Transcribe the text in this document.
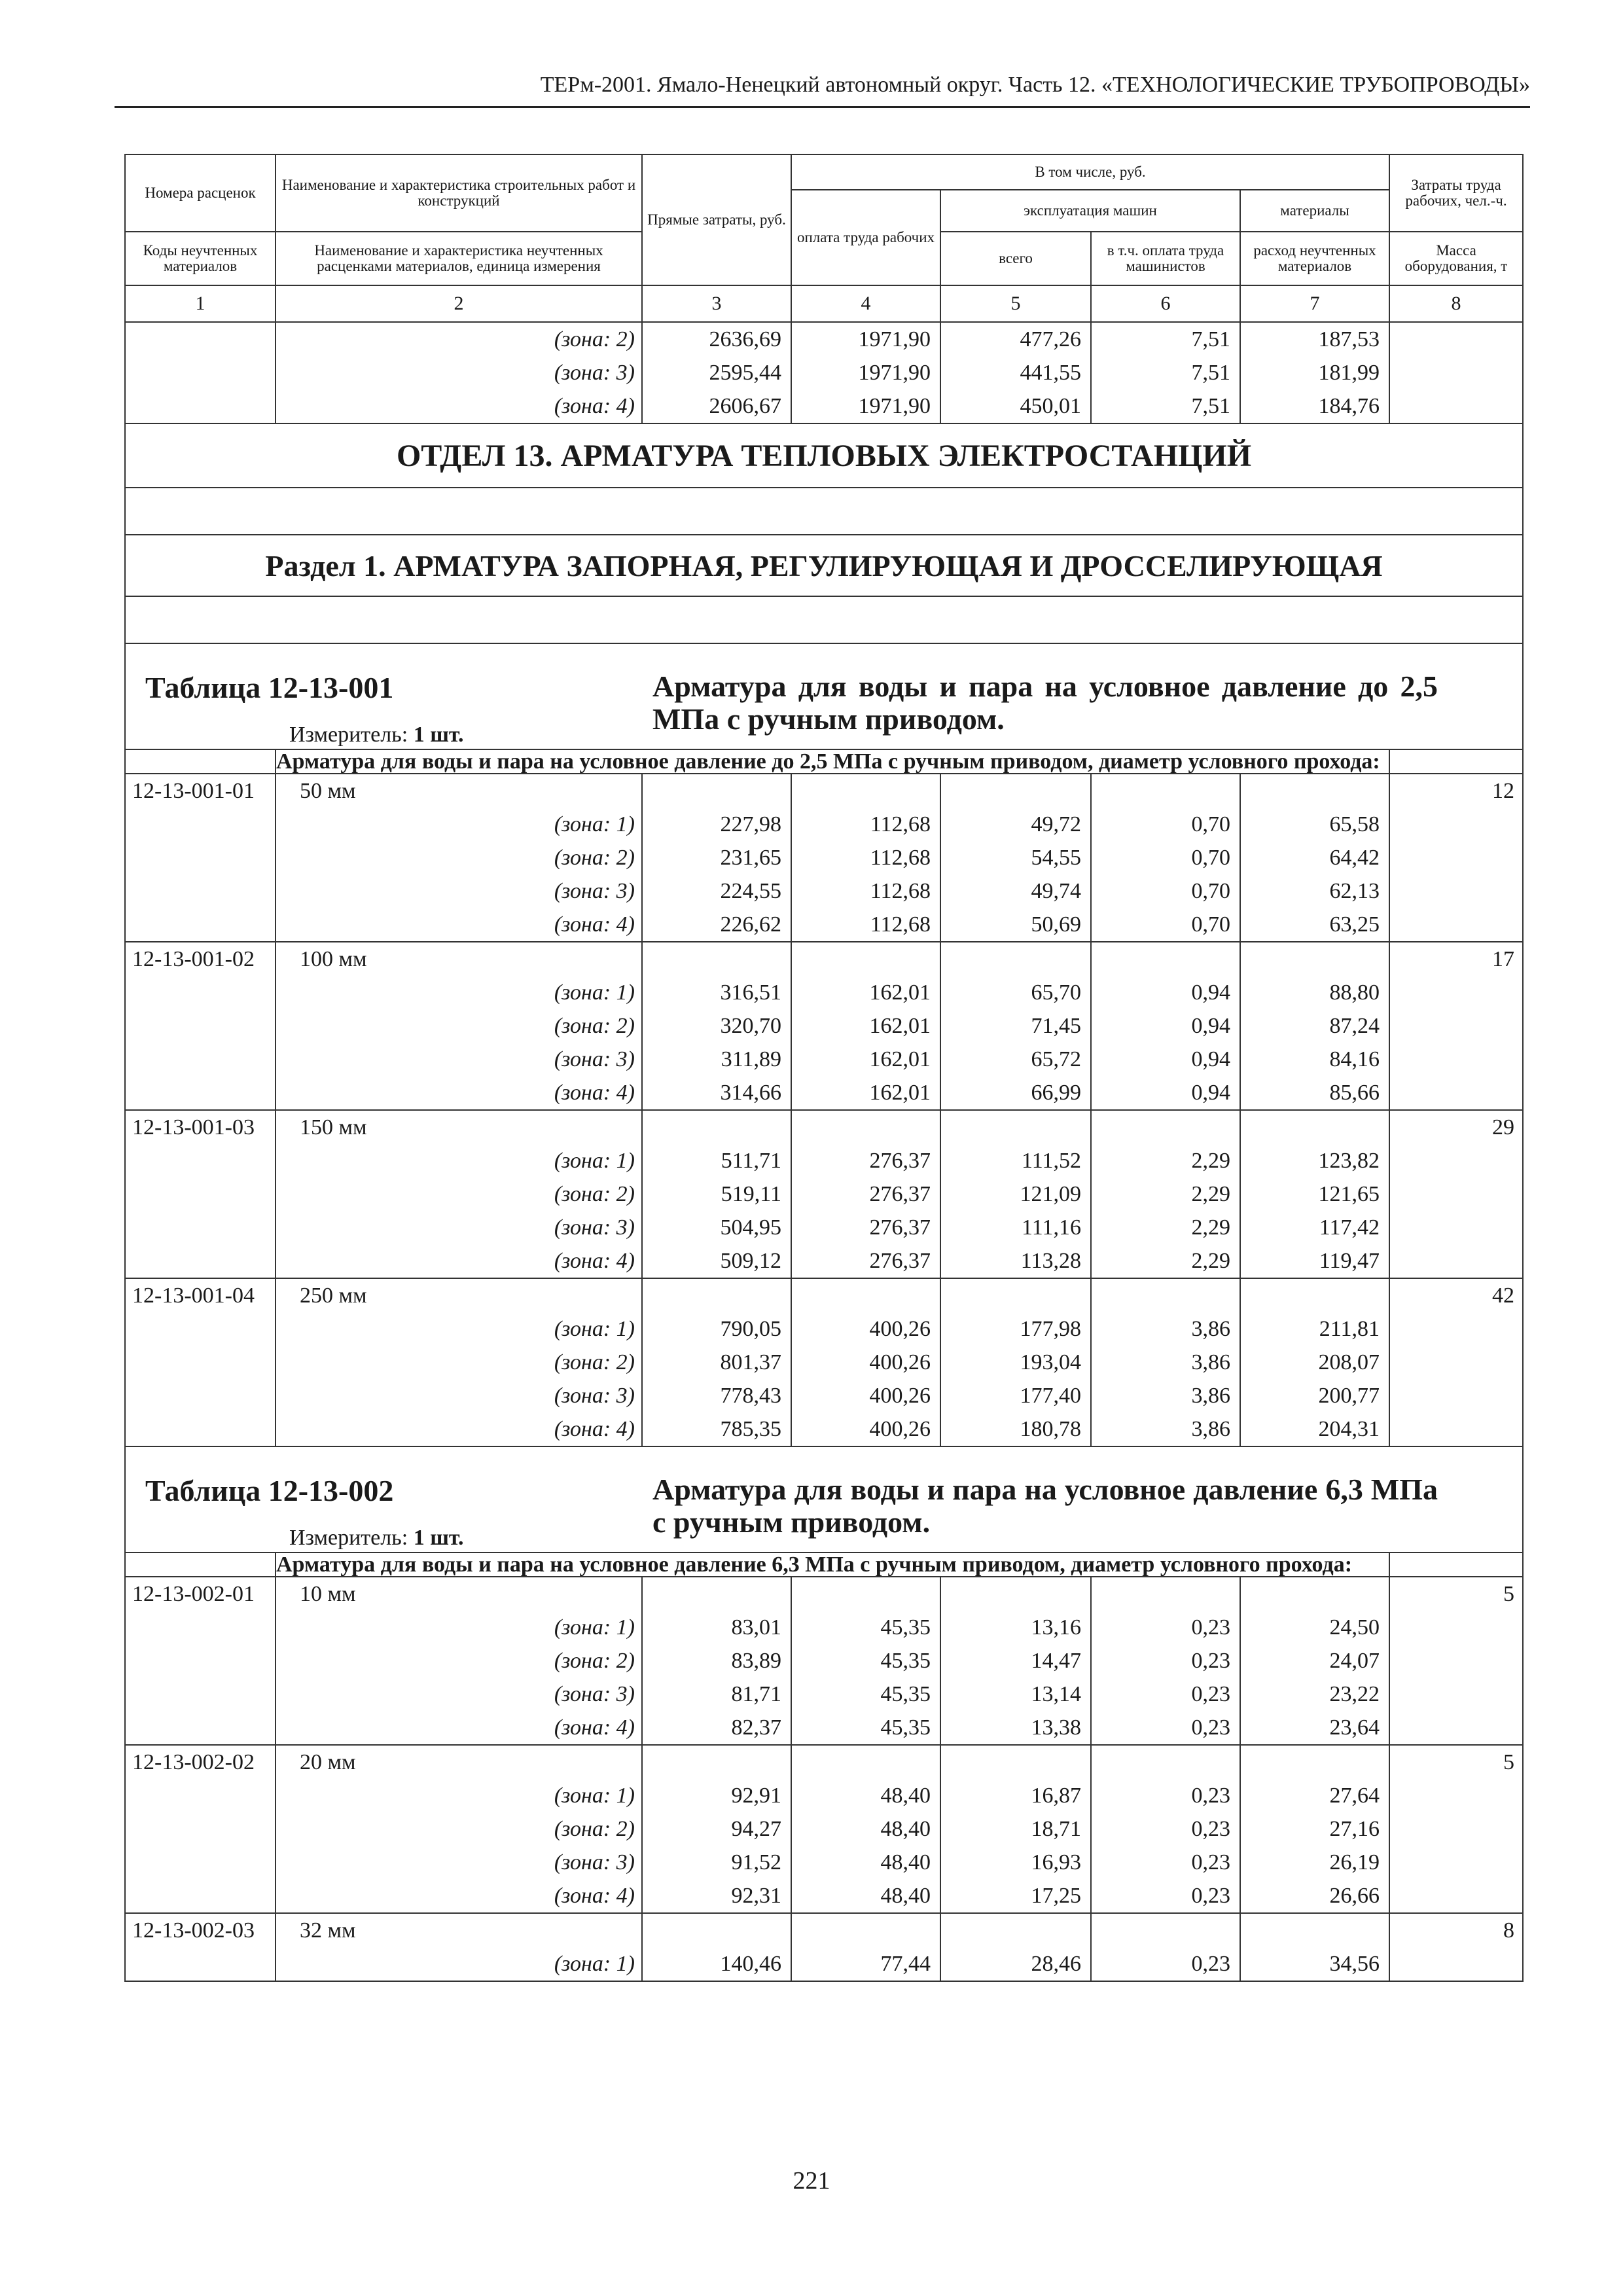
ТЕРм-2001. Ямало-Ненецкий автономный округ. Часть 12. «ТЕХНОЛОГИЧЕСКИЕ ТРУБОПРОВОДЫ»
Номера расценок	Наименование и характеристика строительных работ и конструкций	Прямые затраты, руб.	В том числе, руб.				Затраты труда рабочих, чел.-ч.
			оплата труда рабочих	эксплуатация машин		материалы	
Коды неучтенных материалов	Наименование и характеристика неучтенных расценками материалов, единица измерения			всего	в т.ч. оплата труда машинистов	расход неучтенных материалов	Масса оборудования, т
1	2	3	4	5	6	7	8
	(зона: 2)	2636,69	1971,90	477,26	7,51	187,53	
	(зона: 3)	2595,44	1971,90	441,55	7,51	181,99	
	(зона: 4)	2606,67	1971,90	450,01	7,51	184,76	
ОТДЕЛ 13. АРМАТУРА ТЕПЛОВЫХ ЭЛЕКТРОСТАНЦИЙ							

Раздел 1. АРМАТУРА ЗАПОРНАЯ, РЕГУЛИРУЮЩАЯ И ДРОССЕЛИРУЮЩАЯ							

Таблица 12-13-001 Арматура для воды и пара на условное давление до 2,5 МПа с ручным приводом.
Измеритель: 1 шт.							

	Арматура для воды и пара на условное давление до 2,5 МПа с ручным приводом, диаметр условного прохода:						
12-13-001-01	50 мм						12
	(зона: 1)	227,98	112,68	49,72	0,70	65,58	
	(зона: 2)	231,65	112,68	54,55	0,70	64,42	
	(зона: 3)	224,55	112,68	49,74	0,70	62,13	
	(зона: 4)	226,62	112,68	50,69	0,70	63,25	
12-13-001-02	100 мм						17
	(зона: 1)	316,51	162,01	65,70	0,94	88,80	
	(зона: 2)	320,70	162,01	71,45	0,94	87,24	
	(зона: 3)	311,89	162,01	65,72	0,94	84,16	
	(зона: 4)	314,66	162,01	66,99	0,94	85,66	
12-13-001-03	150 мм						29
	(зона: 1)	511,71	276,37	111,52	2,29	123,82	
	(зона: 2)	519,11	276,37	121,09	2,29	121,65	
	(зона: 3)	504,95	276,37	111,16	2,29	117,42	
	(зона: 4)	509,12	276,37	113,28	2,29	119,47	
12-13-001-04	250 мм						42
	(зона: 1)	790,05	400,26	177,98	3,86	211,81	
	(зона: 2)	801,37	400,26	193,04	3,86	208,07	
	(зона: 3)	778,43	400,26	177,40	3,86	200,77	
	(зона: 4)	785,35	400,26	180,78	3,86	204,31	

Таблица 12-13-002 Арматура для воды и пара на условное давление 6,3 МПа с ручным приводом.
Измеритель: 1 шт.							

	Арматура для воды и пара на условное давление 6,3 МПа с ручным приводом, диаметр условного прохода:						
12-13-002-01	10 мм						5
	(зона: 1)	83,01	45,35	13,16	0,23	24,50	
	(зона: 2)	83,89	45,35	14,47	0,23	24,07	
	(зона: 3)	81,71	45,35	13,14	0,23	23,22	
	(зона: 4)	82,37	45,35	13,38	0,23	23,64	
12-13-002-02	20 мм						5
	(зона: 1)	92,91	48,40	16,87	0,23	27,64	
	(зона: 2)	94,27	48,40	18,71	0,23	27,16	
	(зона: 3)	91,52	48,40	16,93	0,23	26,19	
	(зона: 4)	92,31	48,40	17,25	0,23	26,66	
12-13-002-03	32 мм						8
	(зона: 1)	140,46	77,44	28,46	0,23	34,56	
221
